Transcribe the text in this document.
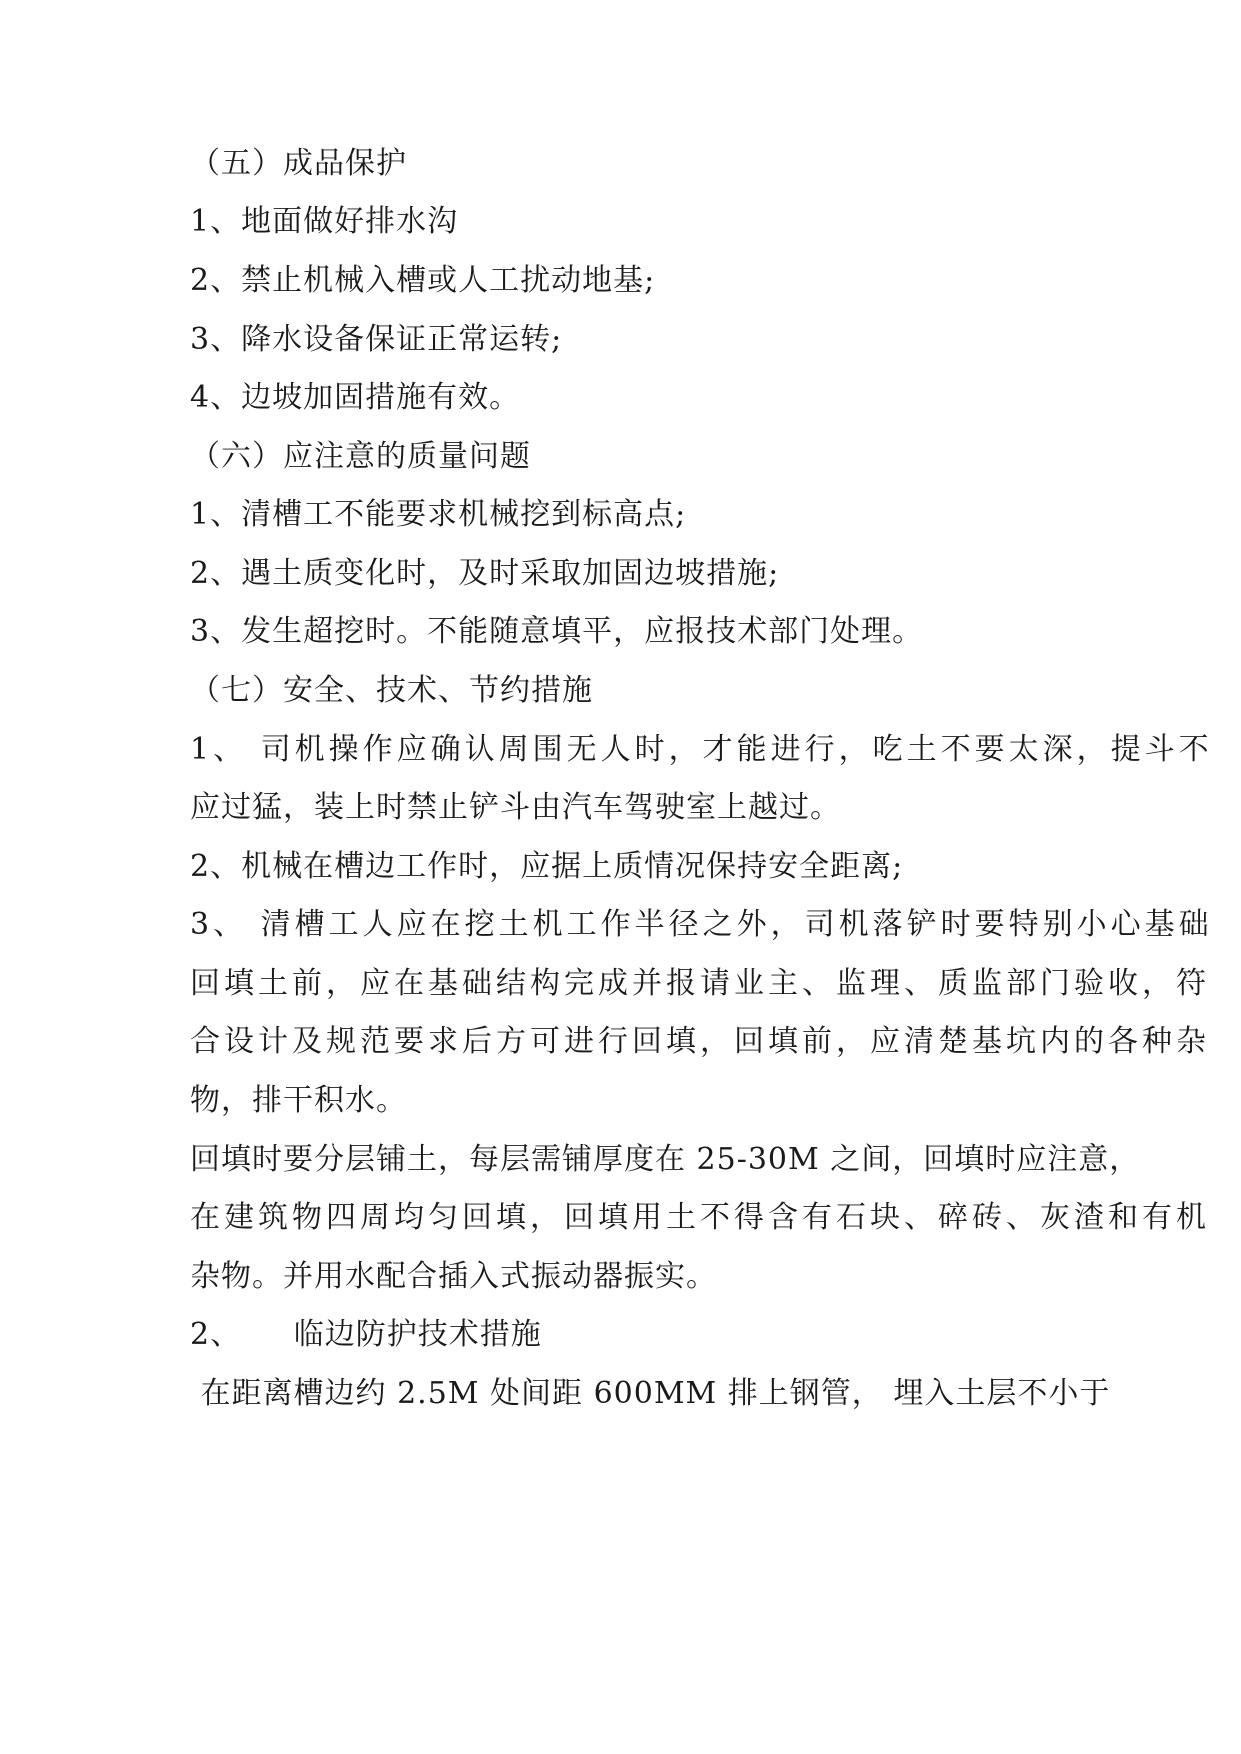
（五）成品保护
1、地面做好排水沟
2、禁止机械入槽或人工扰动地基;
3、降水设备保证正常运转;
4、边坡加固措施有效。
（六）应注意的质量问题
1、清槽工不能要求机械挖到标高点;
2、遇土质变化时，及时采取加固边坡措施;
3、发生超挖时。不能随意填平，应报技术部门处理。
（七）安全、技术、节约措施
1、 司机操作应确认周围无人时，才能进行，吃土不要太深，提斗不
应过猛，装上时禁止铲斗由汽车驾驶室上越过。
2、机械在槽边工作时，应据上质情况保持安全距离;
3、 清槽工人应在挖土机工作半径之外，司机落铲时要特别小心基础
回填土前，应在基础结构完成并报请业主、监理、质监部门验收，符
合设计及规范要求后方可进行回填，回填前，应清楚基坑内的各种杂
物，排干积水。
回填时要分层铺土，每层需铺厚度在 25-30M 之间，回填时应注意，
在建筑物四周均匀回填，回填用土不得含有石块、碎砖、灰渣和有机
杂物。并用水配合插入式振动器振实。
2、     临边防护技术措施
在距离槽边约 2.5M 处间距 600MM 排上钢管， 埋入土层不小于
